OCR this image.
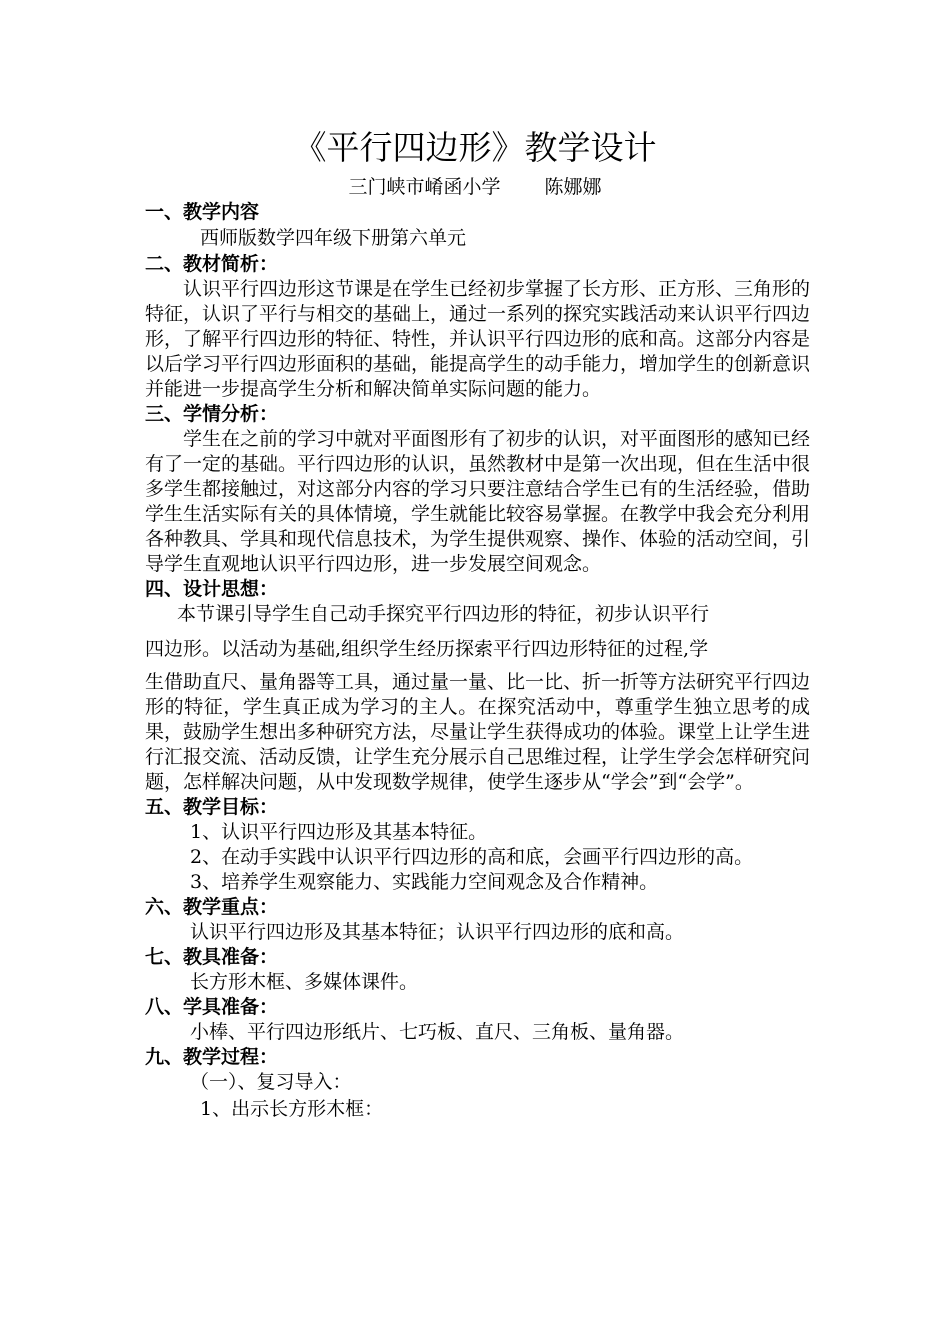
《平行四边形》教学设计
三门峡市崤函小学 陈娜娜
一、教学内容
西师版数学四年级下册第六单元
二、教材简析：

认识平行四边形这节课是在学生已经初步掌握了长方形、正方形、三角形的特征，认识了平行与相交的基础上，通过一系列的探究实践活动来认识平行四边形，了解平行四边形的特征、特性，并认识平行四边形的底和高。这部分内容是以后学习平行四边形面积的基础，能提高学生的动手能力，增加学生的创新意识并能进一步提高学生分析和解决简单实际问题的能力。

三、学情分析：

学生在之前的学习中就对平面图形有了初步的认识，对平面图形的感知已经有了一定的基础。平行四边形的认识，虽然教材中是第一次出现，但在生活中很多学生都接触过，对这部分内容的学习只要注意结合学生已有的生活经验，借助学生生活实际有关的具体情境，学生就能比较容易掌握。在教学中我会充分利用各种教具、学具和现代信息技术，为学生提供观察、操作、体验的活动空间，引导学生直观地认识平行四边形，进一步发展空间观念。

四、设计思想：
本节课引导学生自己动手探究平行四边形的特征，初步认识平行

四边形。以活动为基础,组织学生经历探索平行四边形特征的过程,学

生借助直尺、量角器等工具，通过量一量、比一比、折一折等方法研究平行四边形的特征，学生真正成为学习的主人。在探究活动中，尊重学生独立思考的成果，鼓励学生想出多种研究方法，尽量让学生获得成功的体验。课堂上让学生进行汇报交流、活动反馈，让学生充分展示自己思维过程，让学生学会怎样研究问题，怎样解决问题，从中发现数学规律，使学生逐步从“学会”到“会学”。

五、教学目标：
1、认识平行四边形及其基本特征。

2、在动手实践中认识平行四边形的高和底，会画平行四边形的高。

3、培养学生观察能力、实践能力空间观念及合作精神。
六、教学重点：
认识平行四边形及其基本特征；认识平行四边形的底和高。
七、教具准备：
长方形木框、多媒体课件。
八、学具准备：
小棒、平行四边形纸片、七巧板、直尺、三角板、量角器。
九、教学过程：
（一）、复习导入：
1、出示长方形木框：
